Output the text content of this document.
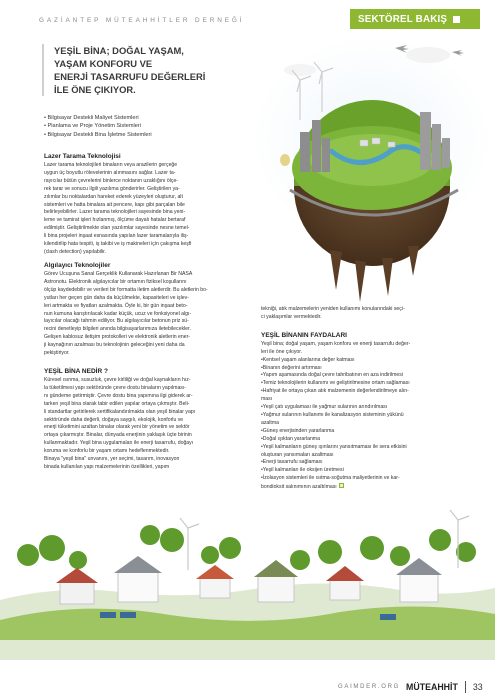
GAZİANTEP MÜTEAHHİTLER DERNEĞİ	SEKTÖREL BAKIŞ
YEŞİL BİNA; DOĞAL YAŞAM,
YAŞAM KONFORU VE
ENERJİ TASARRUFU DEĞERLERİ
İLE ÖNE ÇIKIYOR.
• Bilgisayar Destekli Maliyet Sistemleri
• Planlama ve Proje Yönetim Sistemleri
• Bilgisayar Destekli Bina İşletme Sistemleri
Lazer Tarama Teknolojisi

Lazer tarama teknolojileri binaların veya arazilerin gerçeğe

uygun üç boyutlu rölevelerinin alınmasını sağlar. Lazer ta-

rayıcılar bütün çevrelerini binlerce noktanın uzaklığını ölçe-

rek tarar ve sonucu ilgili yazılıma gönderirler. Geliştirilen ya-

zılımlar bu noktalardan hareket ederek yüzeyleri oluşturur, alt

sistemleri ve hatta binalara ait pencere, kapı gibi parçaları bile

belirleyebilirler. Lazer tarama teknolojileri sayesinde bina yeni-

leme ve tamirat işleri hızlanmış, ölçüme dayalı hatalar bertaraf

edilmiştir. Geliştirilmekte olan yazılımlar sayesinde nesne temel-

li bina projeleri inşaat esnasında yapılan lazer taramalarıyla iliş-

kilendirilip hata tespiti, iş takibi ve iş makineleri için çakışma keşfi

(clash detection) yapılabilir.

Algılayıcı Teknolojiler

Görev Ucuşuna Sanal Gerçeklik Kullanarak Hazırlanan Bir NASA

Astronotu. Elektronik algılayıcılar bir ortamın fiziksel koşullarını

ölçüp kaydedebilir ve verileri bir formatta iletim aletlerdir. Bu aletlerin bo-

yutları her geçen gün daha da küçülmekte, kapasiteleri ve işlev-

leri artmakta ve fiyatları azalmakta. Öyle ki, bir gün inşaat beto-

nun kumuna karıştırılacak kadar küçük, ucuz ve fonksiyonel algı-

layıcılar olacağı tahmin ediliyor. Bu algılayıcılar betonun priz sü-

recini denetleyip bilgileri anında bilgisayarlarımıza iletebilecekler.

Gelişen kablosuz iletişim protokolleri ve elektronik aletlerin ener-

ji kaynağının azalması bu teknolojinin geleceğini yeni daha da

pekiştiriyor.

YEŞİL BİNA NEDİR ?

Küresel ısınma, susuzluk, çevre kirliliği ve doğal kaynakların hız-

la tüketilmesi yapı sektöründe çevre dostu binaların yapılması-

nı gündeme getirmiştir. Çevre dostu bina yapımına ilgi giderek ar-

tarken yeşil bina olarak tabir edilen yapılar ortaya çıkmıştır. Beli-

li standartlar getirilerek sertifikalandırılmakta olan yeşil binalar yapı

sektöründe daha değerli, doğaya saygılı, ekolojik, konforlu ve

enerji tüketimini azaltan binalar olarak yeni bir yönetim ve sektör

ortaya çıkarmıştır. Binalar, dünyada enerjinin yaklaşık üçte birinin

kullanmaktadır. Yeşil bina uygulamaları ile enerji tasarrufu, doğayı

koruma ve konforlu bir yaşam ortamı hedeflenmektedir.

Binaya "yeşil bina" unvanını, yer seçimi, tasarım, inovasyon

binada kullanılan yapı malzemelerinin özellikleri, yapım

tekniği, atık malzemelerin yeniden kullanımı konularındaki seçi-

ci yaklaşımlar vermektedir.

YEŞİL BİNANIN FAYDALARI

Yeşil bina; doğal yaşam, yaşam konforu ve enerji tasarrufu değer-

leri ile öne çıkıyor.

•Kentsel yaşam alanlarına değer katması

•Binanın değerini artırması

•Yapım aşamasında doğal çevre tahribatının en aza indirilmesi

•Temiz teknolojilerin kullanımı ve geliştirilmesine ortam sağlaması

•Hafriyat ile ortaya çıkan atık malzemenin değerlendirilmeye alın-

ması

•Yeşil çatı uygulaması ile yağmur sularının arındırılması

•Yağmur sularının kullanımı ile kanalizasyon sisteminin yükünü

azaltma

•Güneş enerjisinden yararlanma

•Doğal ışıktan yararlanma

•Yeşil kalmanların güneş ışınlarını yansıtmaması ile sera etkisini

oluşturan yansımaları azaltması

•Enerji tasarrufu sağlaması

•Yeşil kalmanları ile oksijen üretmesi

•İzolasyon sistemleri ile ısıtma-soğutma maliyetlerinin ve kar-

bondioksit salınımının azaltılması

GAIMDER.ORG MÜTEAHHİT 33
